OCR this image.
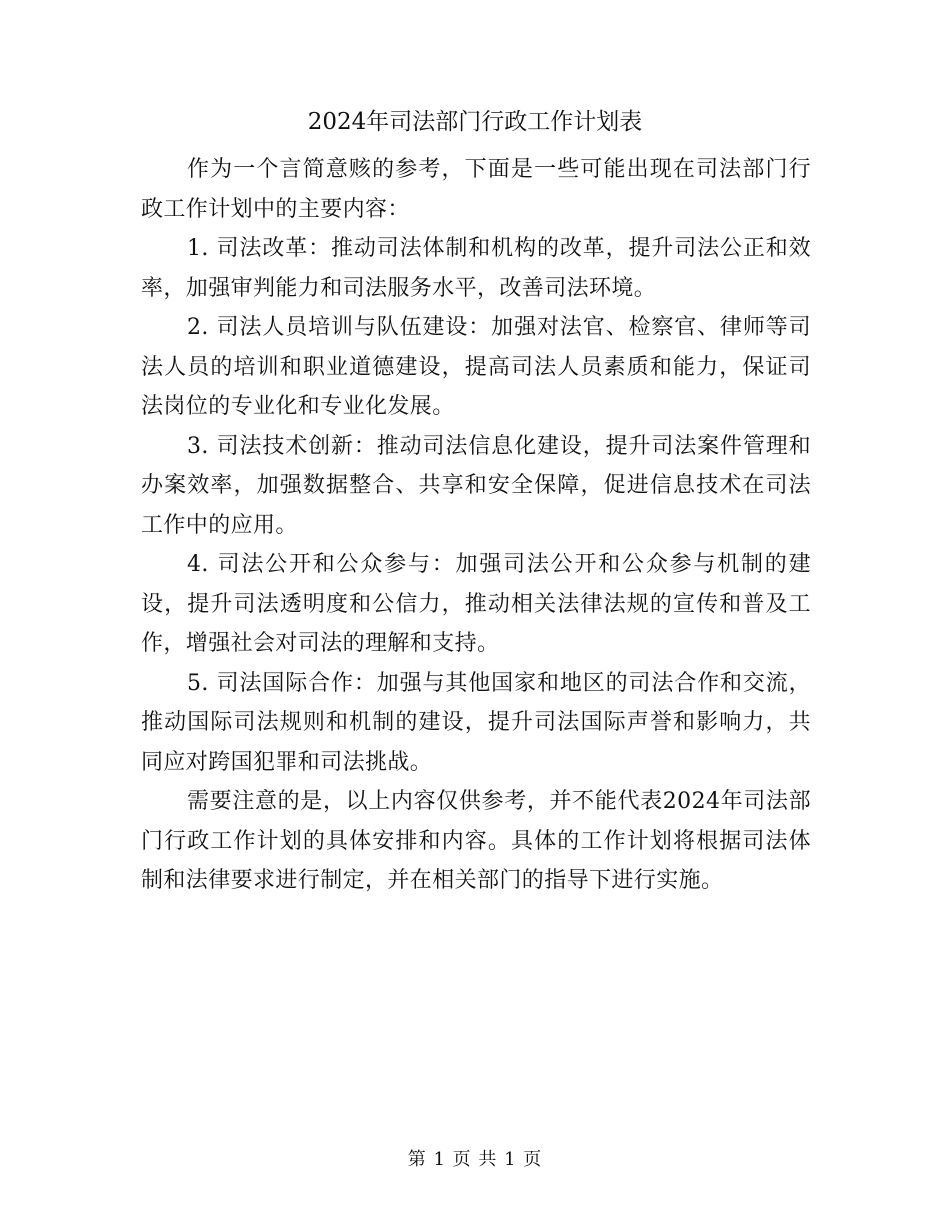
2024年司法部门行政工作计划表

作为一个言简意赅的参考，下面是一些可能出现在司法部门行政工作计划中的主要内容：

1. 司法改革：推动司法体制和机构的改革，提升司法公正和效率，加强审判能力和司法服务水平，改善司法环境。

2. 司法人员培训与队伍建设：加强对法官、检察官、律师等司法人员的培训和职业道德建设，提高司法人员素质和能力，保证司法岗位的专业化和专业化发展。

3. 司法技术创新：推动司法信息化建设，提升司法案件管理和办案效率，加强数据整合、共享和安全保障，促进信息技术在司法工作中的应用。

4. 司法公开和公众参与：加强司法公开和公众参与机制的建设，提升司法透明度和公信力，推动相关法律法规的宣传和普及工作，增强社会对司法的理解和支持。

5. 司法国际合作：加强与其他国家和地区的司法合作和交流，推动国际司法规则和机制的建设，提升司法国际声誉和影响力，共同应对跨国犯罪和司法挑战。

需要注意的是，以上内容仅供参考，并不能代表2024年司法部门行政工作计划的具体安排和内容。具体的工作计划将根据司法体制和法律要求进行制定，并在相关部门的指导下进行实施。

第 1 页 共 1 页
